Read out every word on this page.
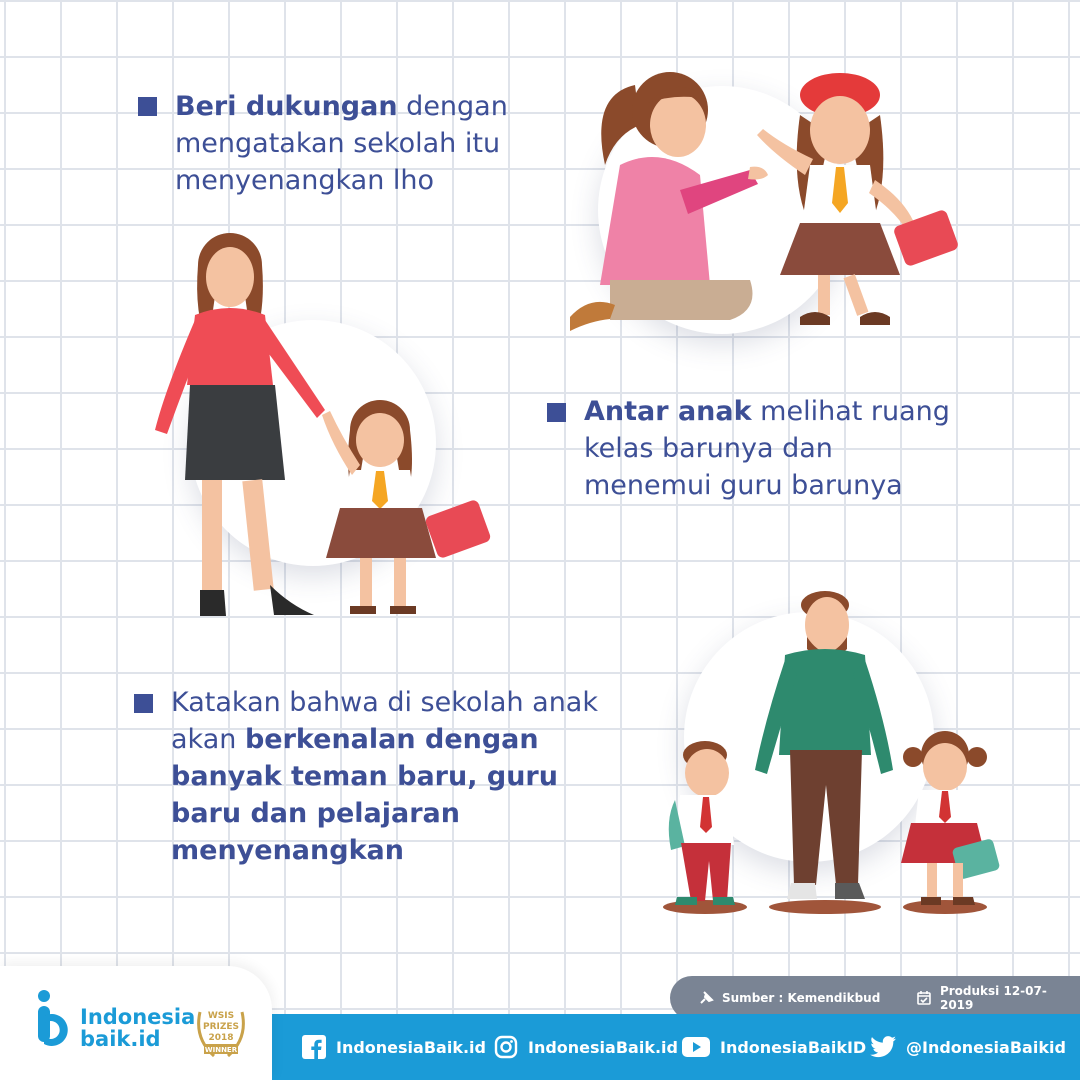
Beri dukungan dengan mengatakan sekolah itu menyenangkan lho
Antar anak melihat ruang kelas barunya dan menemui guru barunya
Katakan bahwa di sekolah anak akan berkenalan dengan banyak teman baru, guru baru dan pelajaran menyenangkan
Sumber : Kemendikbud	Produksi 12-07-2019
IndonesiaBaik.id	IndonesiaBaik.id	IndonesiaBaikID @IndonesiaBaikid
Indonesia
baik.id
WSIS
PRIZES
2018
WINNER
